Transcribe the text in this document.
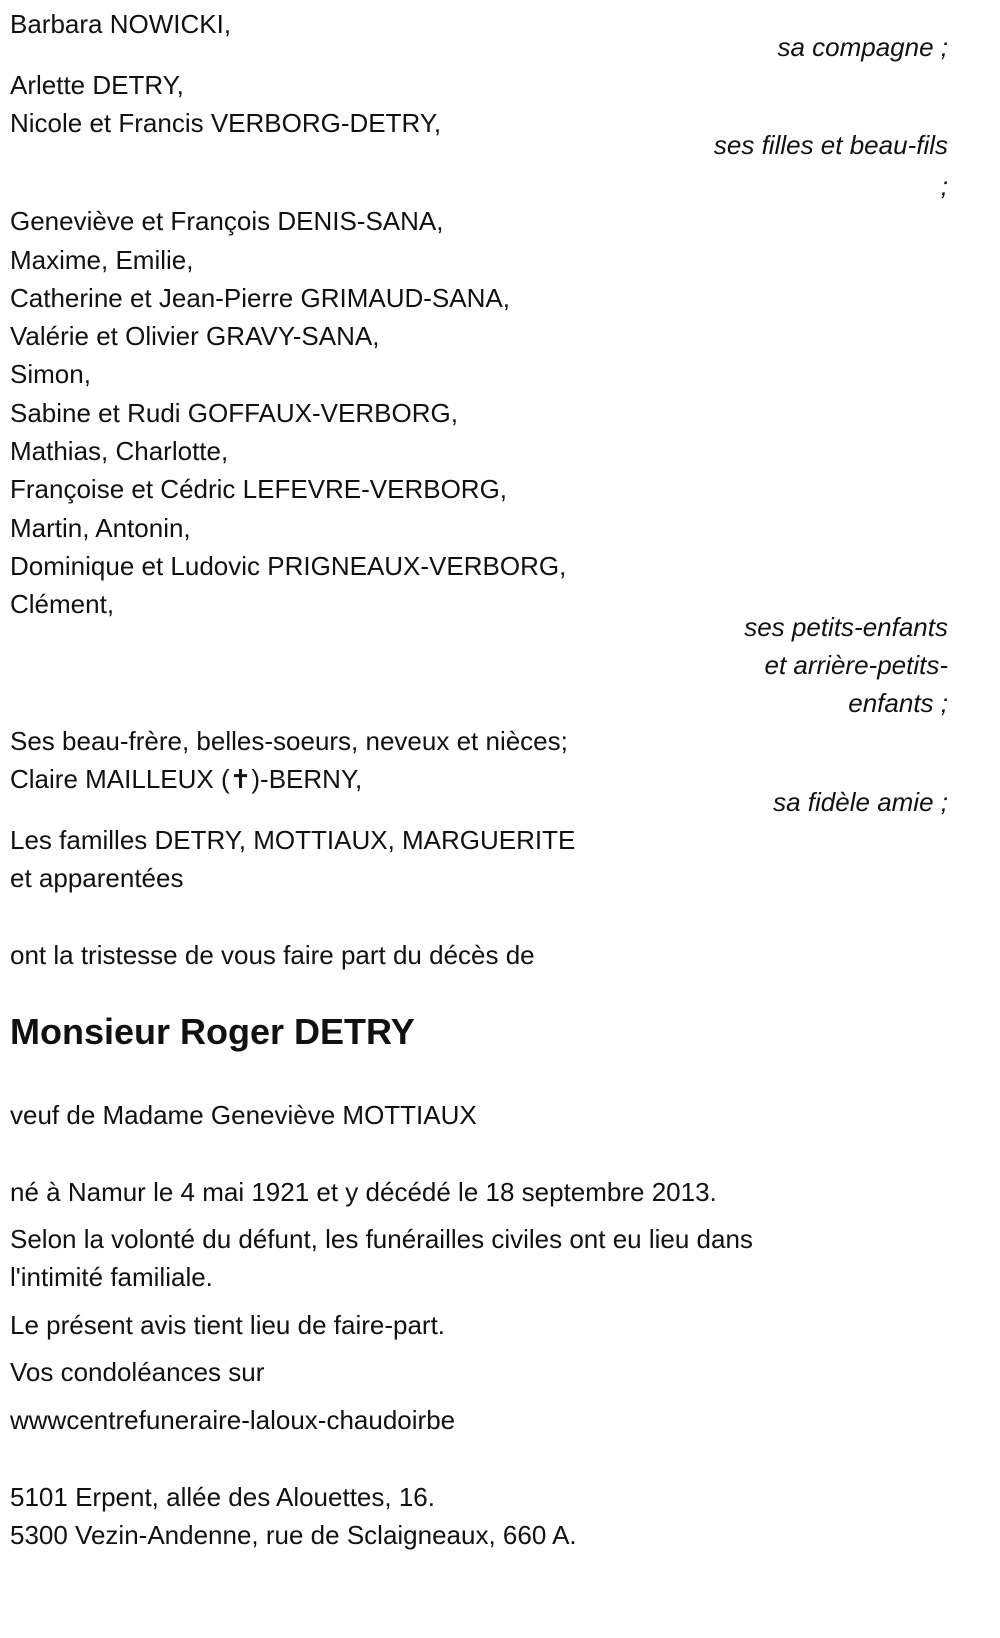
Barbara NOWICKI,
Arlette DETRY,
Nicole et Francis VERBORG-DETRY,
Geneviève et François DENIS-SANA,
Maxime, Emilie,
Catherine et Jean-Pierre GRIMAUD-SANA,
Valérie et Olivier GRAVY-SANA,
Simon,
Sabine et Rudi GOFFAUX-VERBORG,
Mathias, Charlotte,
Françoise et Cédric LEFEVRE-VERBORG,
Martin, Antonin,
Dominique et Ludovic PRIGNEAUX-VERBORG,
Clément,
Ses beau-frère, belles-soeurs, neveux et nièces;
Claire MAILLEUX (✝)-BERNY,
Les familles DETRY, MOTTIAUX, MARGUERITE
et apparentées
sa compagne ;
ses filles et beau-fils
;
ses petits-enfants
et arrière-petits-
enfants ;
sa fidèle amie ;
ont la tristesse de vous faire part du décès de
Monsieur Roger DETRY
veuf de Madame Geneviève MOTTIAUX
né à Namur le 4 mai 1921 et y décédé le 18 septembre 2013.
Selon la volonté du défunt, les funérailles civiles ont eu lieu dans
l'intimité familiale.
Le présent avis tient lieu de faire-part.
Vos condoléances sur
wwwcentrefuneraire-laloux-chaudoirbe
5101 Erpent, allée des Alouettes, 16.
5300 Vezin-Andenne, rue de Sclaigneaux, 660 A.
